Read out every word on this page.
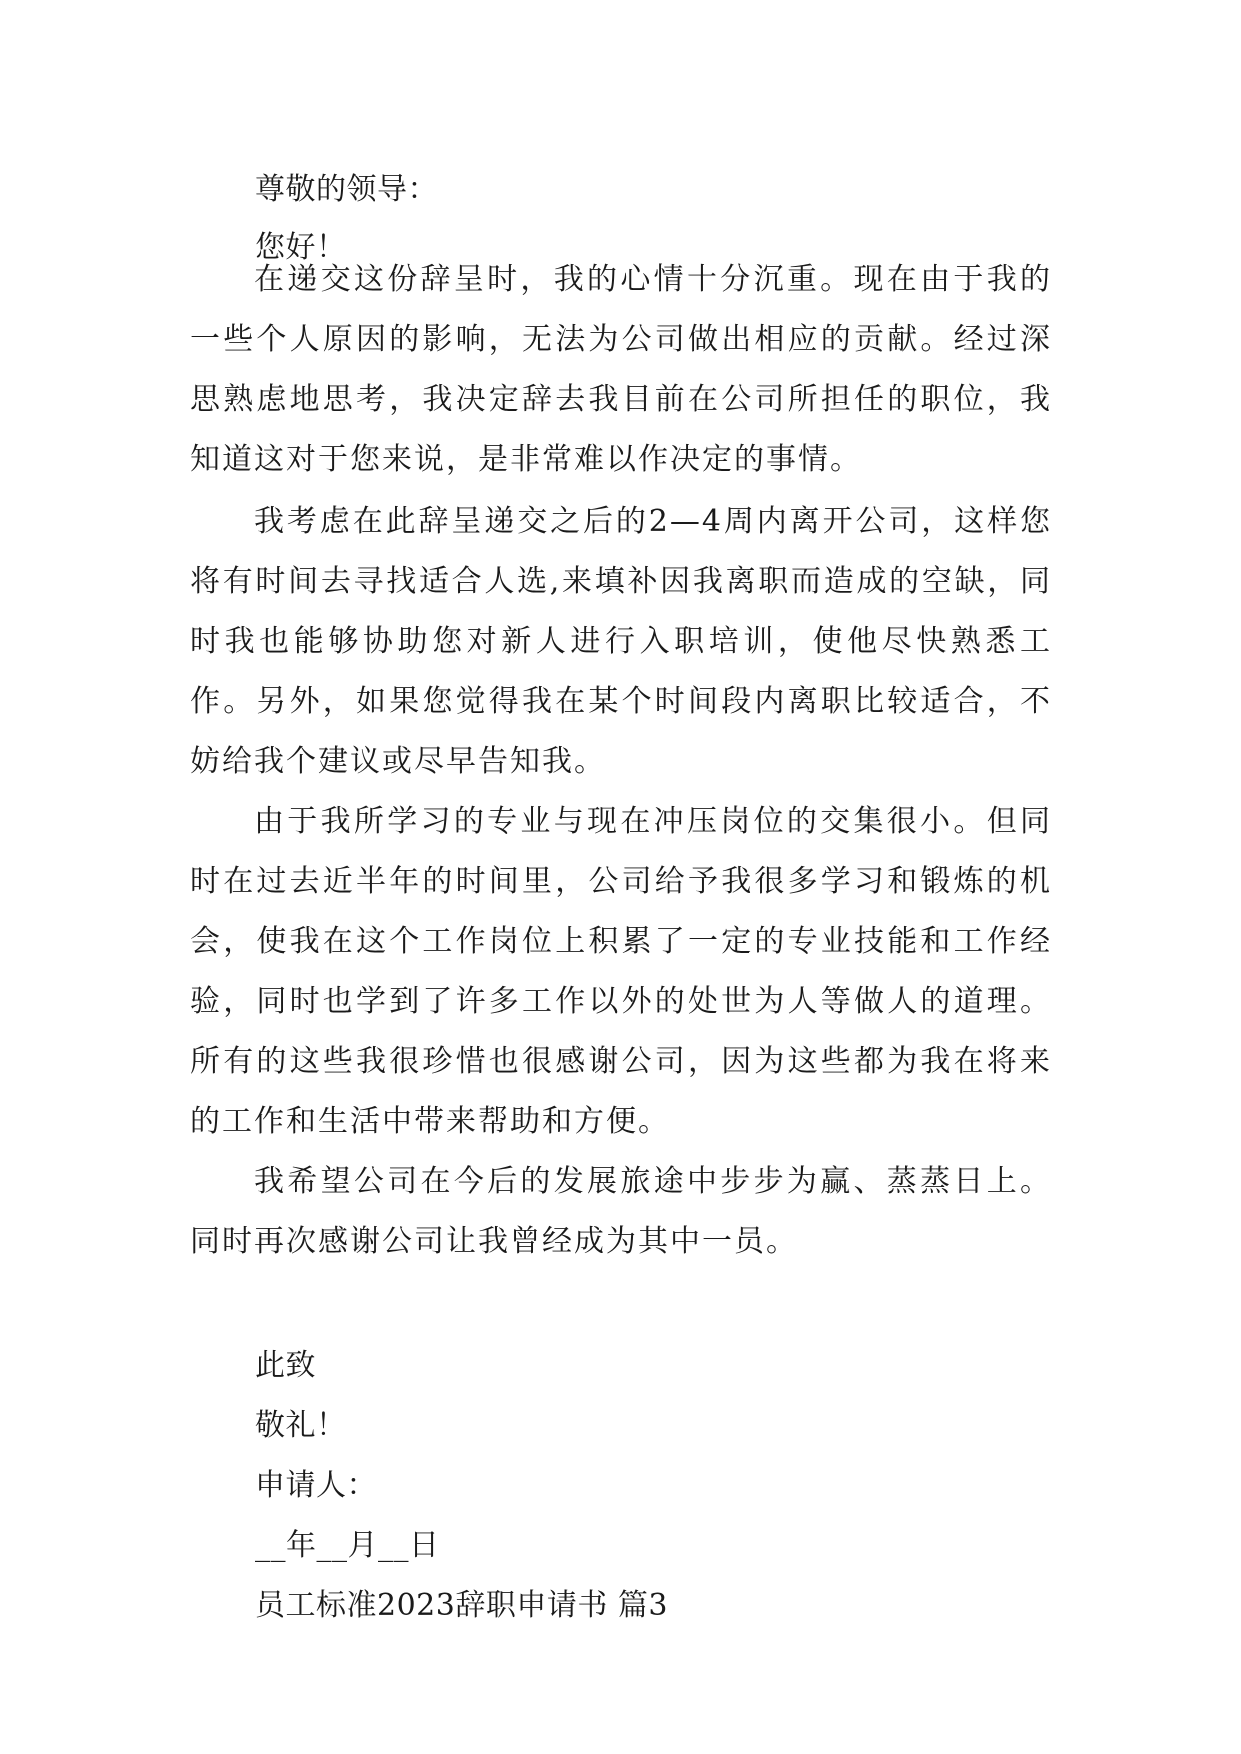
尊敬的领导：
您好！

在递交这份辞呈时，我的心情十分沉重。现在由于我的一些个人原因的影响，无法为公司做出相应的贡献。经过深思熟虑地思考，我决定辞去我目前在公司所担任的职位，我知道这对于您来说，是非常难以作决定的事情。

我考虑在此辞呈递交之后的2—4周内离开公司，这样您将有时间去寻找适合人选,来填补因我离职而造成的空缺，同时我也能够协助您对新人进行入职培训，使他尽快熟悉工作。另外，如果您觉得我在某个时间段内离职比较适合，不妨给我个建议或尽早告知我。

由于我所学习的专业与现在冲压岗位的交集很小。但同时在过去近半年的时间里，公司给予我很多学习和锻炼的机会，使我在这个工作岗位上积累了一定的专业技能和工作经验，同时也学到了许多工作以外的处世为人等做人的道理。所有的这些我很珍惜也很感谢公司，因为这些都为我在将来的工作和生活中带来帮助和方便。

我希望公司在今后的发展旅途中步步为赢、蒸蒸日上。同时再次感谢公司让我曾经成为其中一员。

此致
敬礼！
申请人：
__年__月__日
员工标准2023辞职申请书 篇3
